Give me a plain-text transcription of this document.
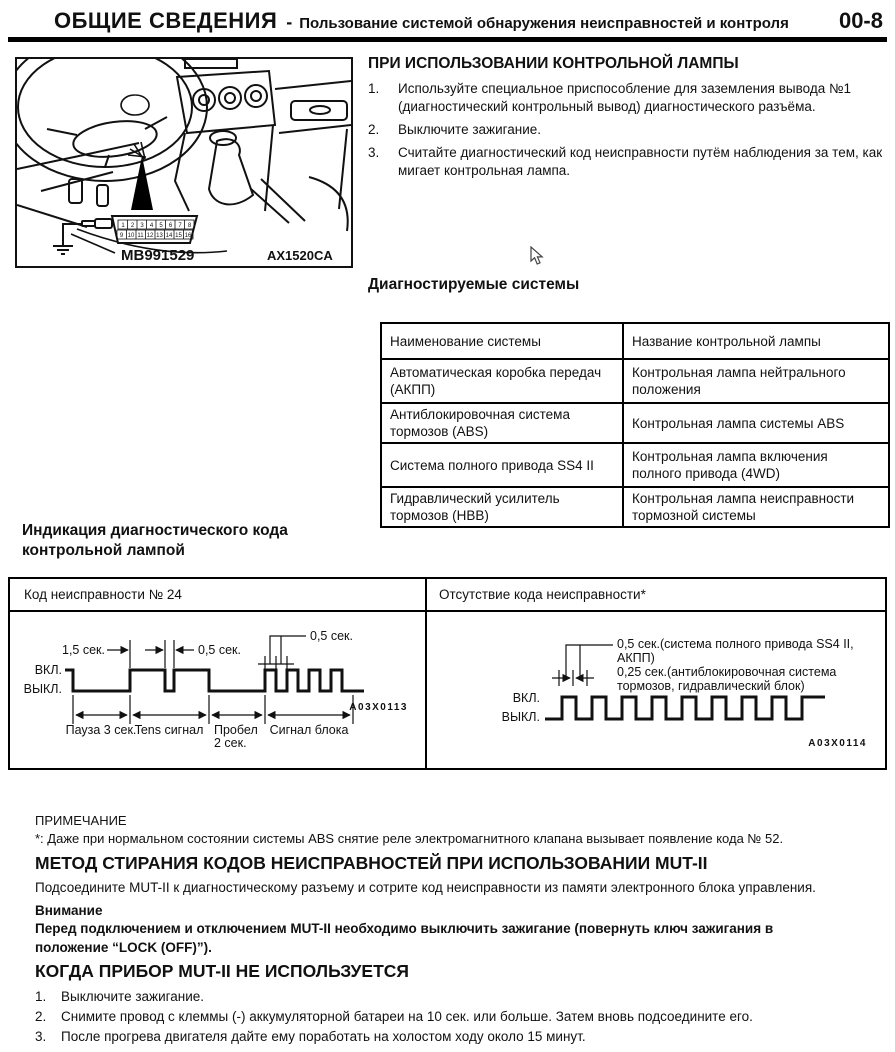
ОБЩИЕ СВЕДЕНИЯ - Пользование системой обнаружения неисправностей и контроля 00-8
1 2 3 4 5 6 7 8
9 10 11 12 13 14 15 16
MB991529	AX1520CA
ПРИ ИСПОЛЬЗОВАНИИ КОНТРОЛЬНОЙ ЛАМПЫ
1.	Используйте специальное приспособление для заземления вывода №1 (диагностический контрольный вывод) диагностического разъёма.
2.	Выключите зажигание.
3.	Считайте диагностический код неисправности путём наблюдения за тем, как мигает контрольная лампа.
Диагностируемые системы
Наименование системы	Название контрольной лампы
Автоматическая коробка передач (АКПП)	Контрольная лампа нейтрального положения
Антиблокировочная система тормозов (ABS)	Контрольная лампа системы ABS
Система полного привода SS4 II	Контрольная лампа включения полного привода (4WD)
Гидравлический усилитель тормозов (HBB)	Контрольная лампа неисправности тормозной системы
Индикация диагностического кода контрольной лампой
Код неисправности № 24	Отсутствие кода неисправности*
ВКЛ.
ВЫКЛ.
1,5 сек.	0,5 сек.
0,5 сек.
Пауза 3 сек.
Tens сигнал Пробел
2 сек.
Сигнал блока
A03X0113
ВКЛ.
ВЫКЛ.
0,5 сек.(система полного привода SS4 II,
АКПП)
0,25 сек.(антиблокировочная система
тормозов, гидравлический блок)
A03X0114
ПРИМЕЧАНИЕ
*: Даже при нормальном состоянии системы ABS снятие реле электромагнитного клапана вызывает появление кода № 52.
МЕТОД СТИРАНИЯ КОДОВ НЕИСПРАВНОСТЕЙ ПРИ ИСПОЛЬЗОВАНИИ MUT-II

Подсоедините MUT-II к диагностическому разъему и сотрите код неисправности из памяти электронного блока управления.

Внимание
Перед подключением и отключением MUT-II необходимо выключить зажигание (повернуть ключ зажигания в положение “LOCK (OFF)”).
КОГДА ПРИБОР MUT-II НЕ ИСПОЛЬЗУЕТСЯ
1.	Выключите зажигание.
2.	Снимите провод с клеммы (-) аккумуляторной батареи на 10 сек. или больше. Затем вновь подсоедините его.
3.	После прогрева двигателя дайте ему поработать на холостом ходу около 15 минут.
